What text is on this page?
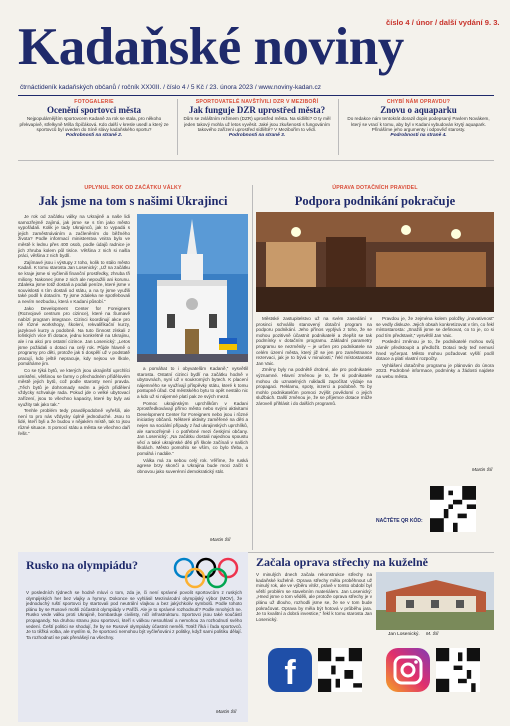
číslo 4 / únor / další vydání 9. 3.
Kadaňské noviny
čtrnáctideník kadaňských občanů / ročník XXXIII. / číslo 4 / 5 Kč / 23. února 2023 / www.noviny-kadan.cz
FOTOGALERIE
Ocenění sportovci města
Nejpopulárnějším sportovcem Kadaně za rok se stala, pro někoho překvapivě, střelkyně Míša Špičáková. Kdo další v kresle usedl a který ze sportovců byl uveden do Síně slávy kadaňského sportu?
Podrobnosti na straně 2.
SPORTOVATELÉ NAVŠTÍVILI DZR V MEZIBOŘÍ
Jak funguje DZR uprostřed města?
Dům se zvláštním režimem (DZR) uprostřed města. Na sídlišti? O ty měl jeden takový mohla už letos vyvěsit. Jaké jsou zkušenosti s fungováním takového zařízení uprostřed sídliště? V Mezibořím to vědí.
Podrobnosti na straně 3.
CHYBÍ NÁM OPRAVDU?
Znovu o aquaparku
Do redakce nám tentokrát dorazil dopis podepsaný Pavlem Novákem, který se vrací k tomu, aby byl v Kadani vybudován krytý aquapark. Přinášíme jeho argumenty i odpověď starosty.
Podrobnosti na straně 4.
UPLYNUL ROK OD ZAČÁTKU VÁLKY
Jak jsme na tom s našimi Ukrajinci

Je rok od začátku války na Ukrajině a naše lidi samozřejmě zajímá, jak jsme se s tím jako město vypořádali. Kolik je tady Ukrajinců, jak to vypadá s jejich zaměstnáváním a začleněním do běžného života? Podle informací ministerstva vnitra bylo ve městě k lednu přes 400 osob, podle údajů radnice je jich zhruba kolem půl tisíce. Většina z nich si našla práci, většina z nich bydlí.

Zajímavé jsou i výstupy z toho, kolik to stálo město Kadaň. K tomu starosta Jan Losenický: „Už na začátku se kraje jsme si vyčlenili finanční prostředky, zhruba tři miliony. Nakonec jsme z nich ale nepoužili ani korunu. Zdaleka jsme totiž dostali a podali peníze, které jsme v souvislosti s tím dostali od státu, a na ty jsme využili také podíl k dotacím. Ty jsme zdaleka ne spotřebovali a nevím nezbudou, která v Kadani působí.“

Jako Development Center for Foreigners (Rozvojové centrum pro cizince), které na Šumavě nabízí program integrace. Cizinci koordinují akce pro ně různé workshopy, školení, rekvalifikační kurzy, jazykové kurzy a podobně. Na tuto činnost získali z loňských více tři dotace, jednu konkrétně na Ukrajinu, ale i na akci pro ostatní cizince. Jan Losenický: „Letos jsme požádali o dotaci na celý rok. Půjde hlavně o programy pro děti, protože jak ti dospělí už v podstatě pracují, kdo ještě nepracuje, kdy nejsou ve škole, pomáháme jim.

Co se týká bytů, ve kterých jsou ukrajinští uprchlíci umístěni, většinou se farmy o přechodném přídělovém městě jejich bytů, což podle starosty není pravda. „Těch bytů je dohromady sedm a jejich přidělení vždycky schvaluje rada. Pokud jde o velké ubytovací zařízení, jsou to všechno kapacity, které by byly asi využity tak jako tak.“

Tenhle problém tedy pravděpodobně vyřešili, ale není to pro nás vždycky úplně jednoduché. Jsou to lidé, kteří byli a že budou v nějakém místě, tak to jsou různé situace. S pomocí státu a města se všechno daří řešit.“

a pomáhat to i obyvatelům Kadaně,“ vysvětlil starosta. Ostatní cizinci bydlí na začátku hodně v ubytovnách, nyní už v soukromých bytech. K placení nájemného se využívají příspěvky státu, které k tomu postupně úřad. Od městského bytu to opět nestálo nic a kdo už si nájemné platí pak ze svých mezd.

Pomoc ukrajinským uprchlíkům v Kadani zprostředkovávají přímo město nebo svými aktivitami Development Center for Foreigners nebo jsou i různé iniciativy občanů. Některé aktivity zaměřené na děti a nejen na sociální případy z řad ukrajinských uprchlíků, ale samozřejmě i o potřebné mezi českými občany. Jan Losenický: „Na začátku dostali najednou spoustu věcí a také ukrajinské děti při škole začínali v našich školách. Město pomohlo se vším, co bylo třeba, a pomáhá i nadále.“

Válka má za sebou celý rok. Věříme, že ruská agrese brzy skončí a Ukrajina bude moci začít s obnovou jako suverénní demokratický stát.

Martin Šíl
ÚPRAVA DOTAČNÍCH PRAVIDEL
Podpora podnikání pokračuje

Městské zastupitelstvo už na svém zasedání v prosinci schválilo stanovený dotační program na podporu podnikání. Jeho přínos vyplývá z toho, že se mohou pozitivně účastnit podnikatelé a zlepšit se tak podmínky v dotačním programu. Základní parametry programu se nezměnily – je určen pro podnikatele na celém území města, který již se jen pro zaměstnance rezervaci, jak je to bývá v minulosti,“ řekl místostarosta Jan Vaic.

Změny byly na podnětě drobné, ale pro podnikatele významné. Hlavní změnou je to, že si podnikatele mohou do uznatelných nákladů započítat výdaje na propagaci. Reklamu, spoty, inzerci a podobně. To by mohlo podnikatelům pomoci zvýšit povědomí o jejich službách. Další změnou je, že se příjemce dotace může zároveň přihlásit i do dalších programů.

Pravdou je, že zejména kolem položky „inovativnost“ se vedly diskuze. Jejich obsah konkretizovat v tím, co řekl místostarosta: „Snažili jsme se definovat, co to je, co si pod tím představit,“ vysvětlil Jan Vaic.

Poslední změnou je to, že podnikatelé mohou svůj záměr předstoupit a předložit. Dotaci tedy teď nemusí hned vyčerpat. Město mohou požadovat vyšší podíl dotace a platí vlastní rozpočty.

Vyhlášení dotačního programu je plánován do února 2023. Podrobné informace, podmínky a žádosti najdete na webu města.

Martin Šíl
NAČTĚTE QR KÓD:
Rusko na olympiádu?
V posledních týdnech se hodně mluví o tom, zda je, či není správné povolit sportovcům z ruských olympijských her bez vlajky a hymny. Dokonce se vyhlásil Mezinárodní olympijský výbor (MOV), že jednoduchý ruští sportovci by startovali pod neutrální vlajkou a bez jakýchkoliv symbolů. Podle tohoto plánu by se Rusové mohli zúčastnit olympiády v Paříži. Ale je to správné rozhodnutí? Podle mnohých ne. Rusko vede válku proti Ukrajině, bombarduje civilisty, ničí infrastrukturu. Sportovci jsou také součástí propagandy. Na druhou stranu jsou sportovci, kteří s válkou nesouhlasí a nemohou za rozhodnutí svého vedení. Čeští politici se shodují, že by se Rusové olympiády účastnit neměli. Totéž říká i řada sportovců. Je to těžká volba, ale myslím si, že sportovci nemohou být vyčleňováni z politiky, když sami politiku dělají. Ta rozhodnutí se pak přenášejí na všechny.
Martin Šíl
Začala oprava střechy na kuželně
V minulých dnech začala rekonstrukce střechy na kadaňské kuželně. Oprava střechy měla proběhnout už minulý rok, ale ve výběru vítěz, právě v tomto období byl větší problém se stavebním materiálem. Jan Losenický: „Hned jsme o tom věděli, ale protože oprava střechy je v plánu už dlouho, rozhodli jsme se, že se v tom bude pokračovat. Oprava by měla být hotová v průběhu jara. Je to kvalitní a dobrá investice,“ řekl k tomu starosta Jan Losenický.
Jan Losenický. M. Šíl
f
